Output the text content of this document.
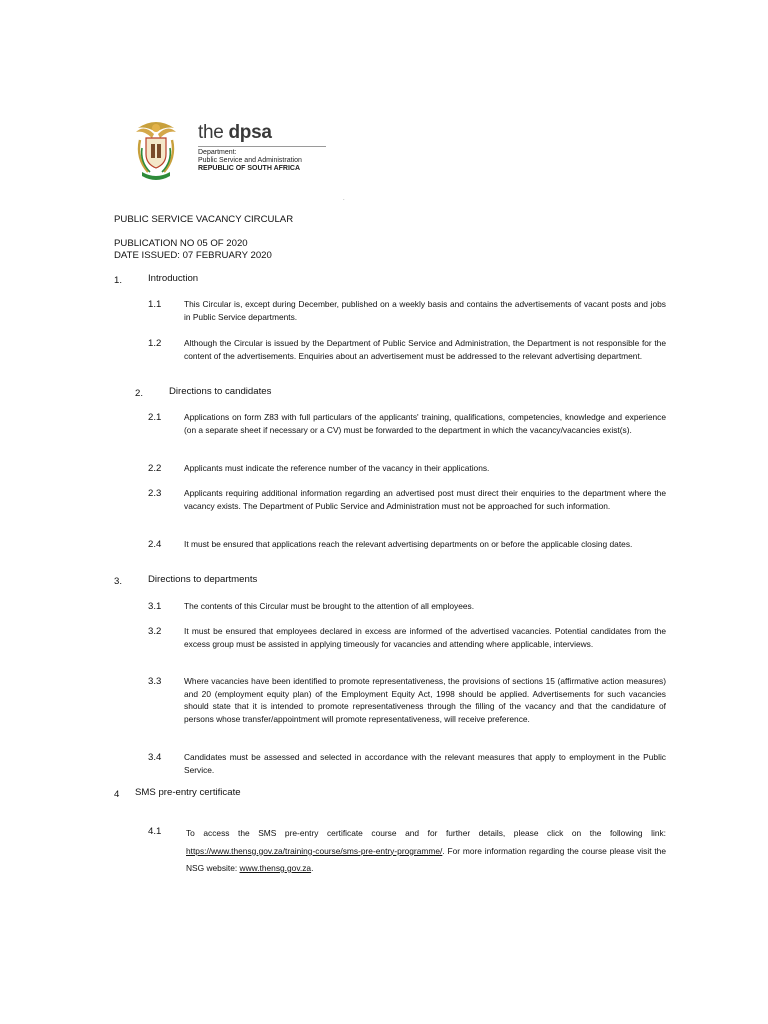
the dpsa
Department:
Public Service and Administration
REPUBLIC OF SOUTH AFRICA
.
PUBLIC SERVICE VACANCY CIRCULAR
PUBLICATION NO 05 OF 2020
DATE ISSUED: 07 FEBRUARY 2020
1.	Introduction
1.1	This Circular is, except during December, published on a weekly basis and contains the advertisements of vacant posts and jobs in Public Service departments.
1.2	Although the Circular is issued by the Department of Public Service and Administration, the Department is not responsible for the content of the advertisements. Enquiries about an advertisement must be addressed to the relevant advertising department.
2.	Directions to candidates
2.1	Applications on form Z83 with full particulars of the applicants' training, qualifications, competencies, knowledge and experience (on a separate sheet if necessary or a CV) must be forwarded to the department in which the vacancy/vacancies exist(s).
2.2	Applicants must indicate the reference number of the vacancy in their applications.
2.3	Applicants requiring additional information regarding an advertised post must direct their enquiries to the department where the vacancy exists. The Department of Public Service and Administration must not be approached for such information.
2.4	It must be ensured that applications reach the relevant advertising departments on or before the applicable closing dates.
3.	Directions to departments
3.1	The contents of this Circular must be brought to the attention of all employees.
3.2	It must be ensured that employees declared in excess are informed of the advertised vacancies. Potential candidates from the excess group must be assisted in applying timeously for vacancies and attending where applicable, interviews.
3.3	Where vacancies have been identified to promote representativeness, the provisions of sections 15 (affirmative action measures) and 20 (employment equity plan) of the Employment Equity Act, 1998 should be applied. Advertisements for such vacancies should state that it is intended to promote representativeness through the filling of the vacancy and that the candidature of persons whose transfer/appointment will promote representativeness, will receive preference.
3.4	Candidates must be assessed and selected in accordance with the relevant measures that apply to employment in the Public Service.
4 SMS pre-entry certificate
4.1	To access the SMS pre-entry certificate course and for further details, please click on the following link: https://www.thensg.gov.za/training-course/sms-pre-entry-programme/. For more information regarding the course please visit the NSG website: www.thensg.gov.za.
